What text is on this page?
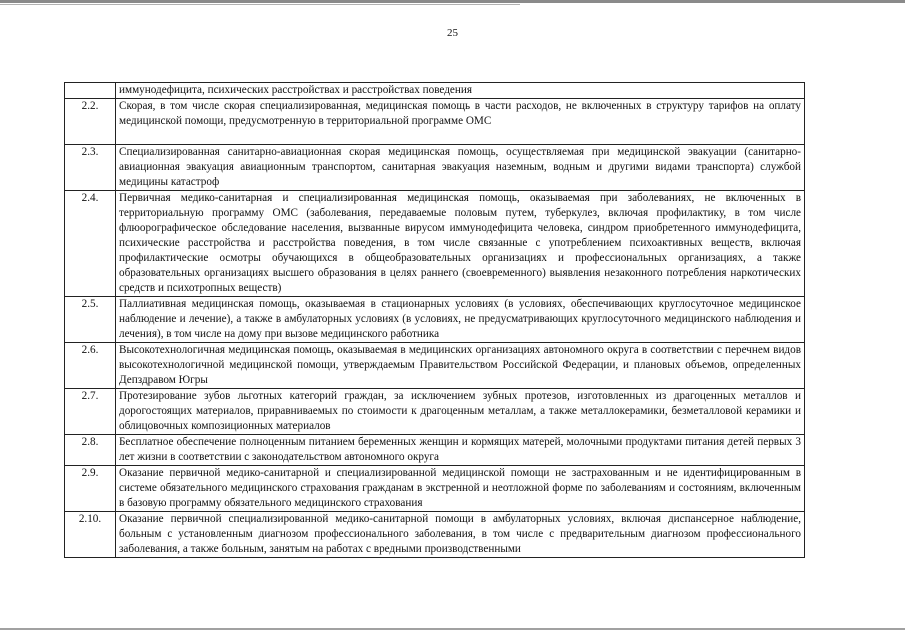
25
	иммунодефицита, психических расстройствах и расстройствах поведения
2.2.	Скорая, в том числе скорая специализированная, медицинская помощь в части расходов, не включенных в структуру тарифов на оплату медицинской помощи, предусмотренную в территориальной программе ОМС

2.3.	Специализированная санитарно-авиационная скорая медицинская помощь, осуществляемая при медицинской эвакуации (санитарно-авиационная эвакуация авиационным транспортом, санитарная эвакуация наземным, водным и другими видами транспорта) службой медицины катастроф
2.4.	Первичная медико-санитарная и специализированная медицинская помощь, оказываемая при заболеваниях, не включенных в территориальную программу ОМС (заболевания, передаваемые половым путем, туберкулез, включая профилактику, в том числе флюорографическое обследование населения, вызванные вирусом иммунодефицита человека, синдром приобретенного иммунодефицита, психические расстройства и расстройства поведения, в том числе связанные с употреблением психоактивных веществ, включая профилактические осмотры обучающихся в общеобразовательных организациях и профессиональных организациях, а также образовательных организациях высшего образования в целях раннего (своевременного) выявления незаконного потребления наркотических средств и психотропных веществ)
2.5.	Паллиативная медицинская помощь, оказываемая в стационарных условиях (в условиях, обеспечивающих круглосуточное медицинское наблюдение и лечение), а также в амбулаторных условиях (в условиях, не предусматривающих круглосуточного медицинского наблюдения и лечения), в том числе на дому при вызове медицинского работника
2.6.	Высокотехнологичная медицинская помощь, оказываемая в медицинских организациях автономного округа в соответствии с перечнем видов высокотехнологичной медицинской помощи, утверждаемым Правительством Российской Федерации, и плановых объемов, определенных Депздравом Югры
2.7.	Протезирование зубов льготных категорий граждан, за исключением зубных протезов, изготовленных из драгоценных металлов и дорогостоящих материалов, приравниваемых по стоимости к драгоценным металлам, а также металлокерамики, безметалловой керамики и облицовочных композиционных материалов
2.8.	Бесплатное обеспечение полноценным питанием беременных женщин и кормящих матерей, молочными продуктами питания детей первых 3 лет жизни в соответствии с законодательством автономного округа
2.9.	Оказание первичной медико-санитарной и специализированной медицинской помощи не застрахованным и не идентифицированным в системе обязательного медицинского страхования гражданам в экстренной и неотложной форме по заболеваниям и состояниям, включенным в базовую программу обязательного медицинского страхования
2.10.	Оказание первичной специализированной медико-санитарной помощи в амбулаторных условиях, включая диспансерное наблюдение, больным с установленным диагнозом профессионального заболевания, в том числе с предварительным диагнозом профессионального заболевания, а также больным, занятым на работах с вредными производственными
